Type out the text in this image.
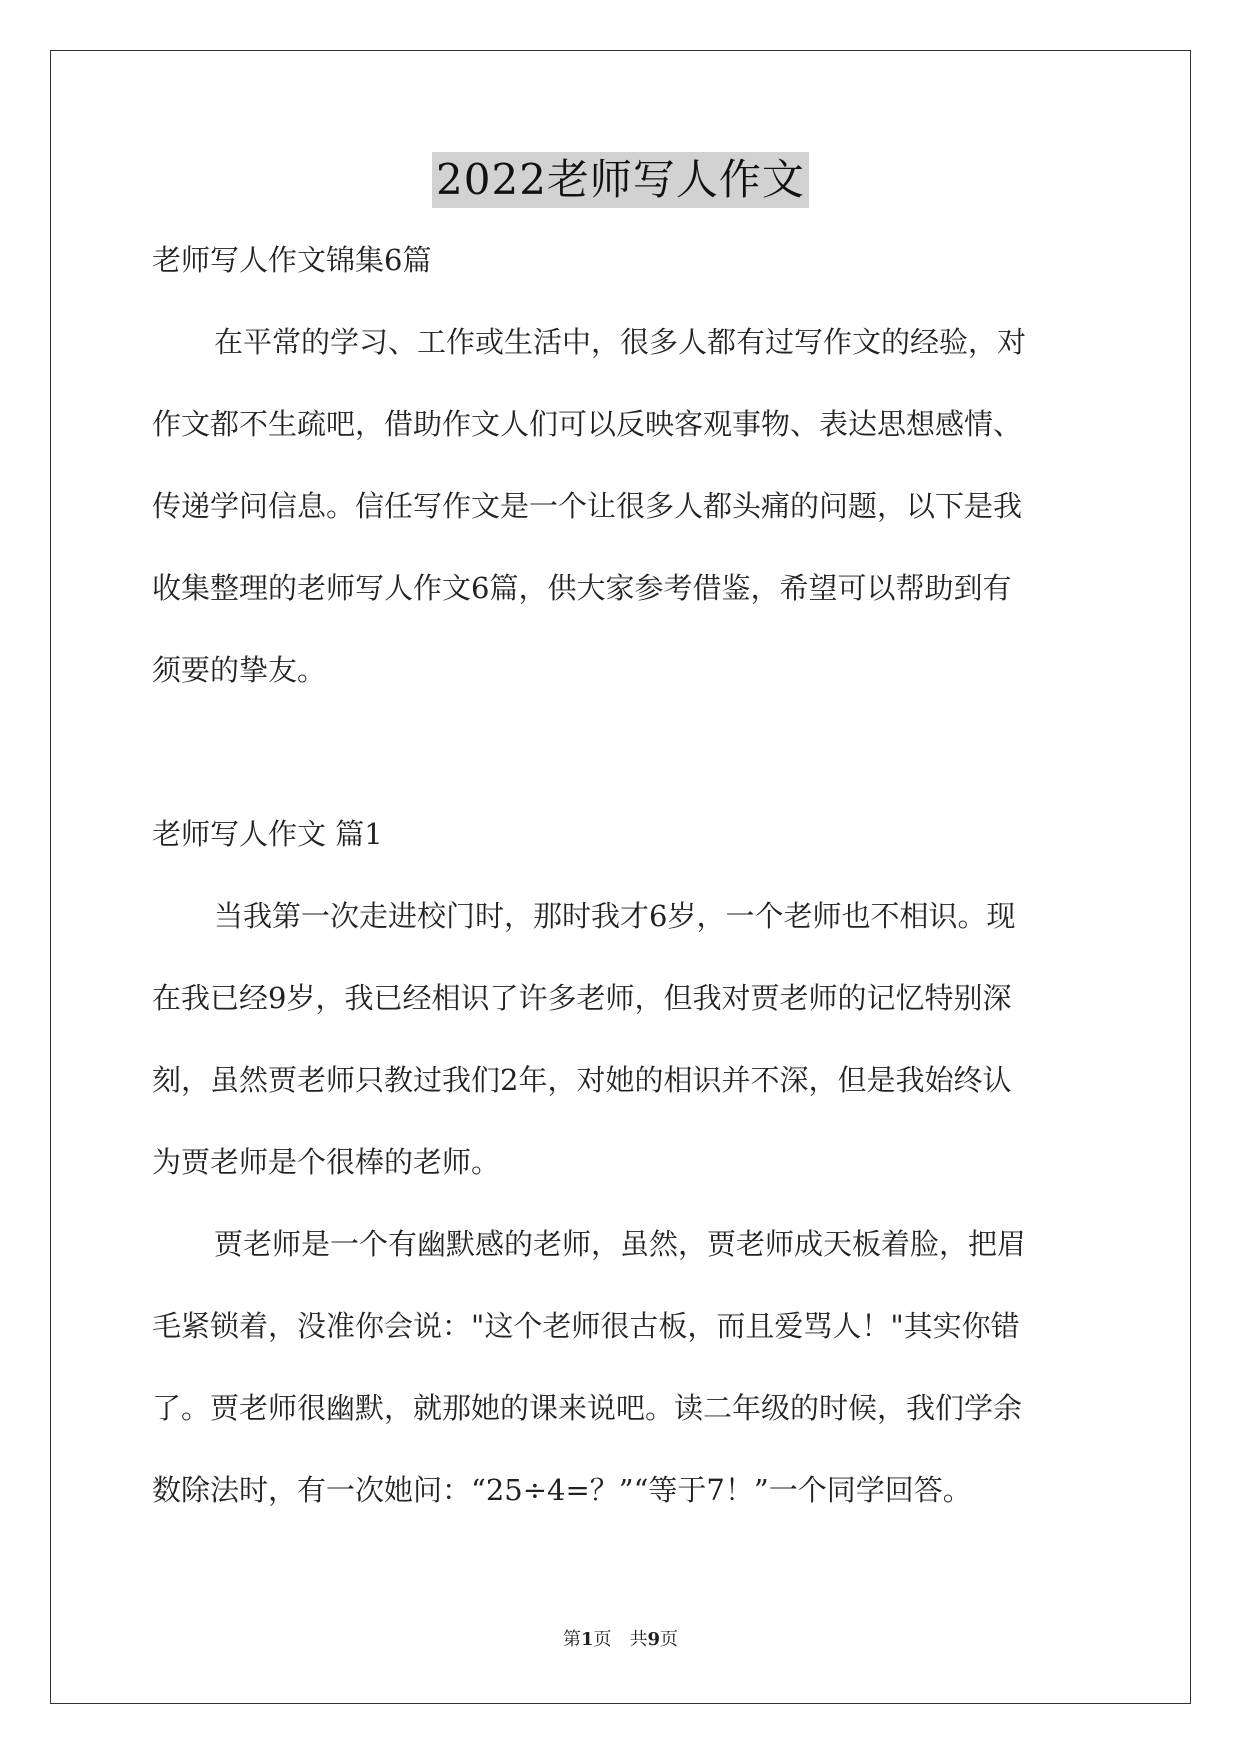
2022老师写人作文
老师写人作文锦集6篇
在平常的学习、工作或生活中，很多人都有过写作文的经验，对
作文都不生疏吧，借助作文人们可以反映客观事物、表达思想感情、
传递学问信息。信任写作文是一个让很多人都头痛的问题，以下是我
收集整理的老师写人作文6篇，供大家参考借鉴，希望可以帮助到有
须要的挚友。
老师写人作文 篇1
当我第一次走进校门时，那时我才6岁，一个老师也不相识。现
在我已经9岁，我已经相识了许多老师，但我对贾老师的记忆特别深
刻，虽然贾老师只教过我们2年，对她的相识并不深，但是我始终认
为贾老师是个很棒的老师。
贾老师是一个有幽默感的老师，虽然，贾老师成天板着脸，把眉
毛紧锁着，没准你会说："这个老师很古板，而且爱骂人！"其实你错
了。贾老师很幽默，就那她的课来说吧。读二年级的时候，我们学余
数除法时，有一次她问：“25÷4=？”“等于7！”一个同学回答。
第1页　共9页
